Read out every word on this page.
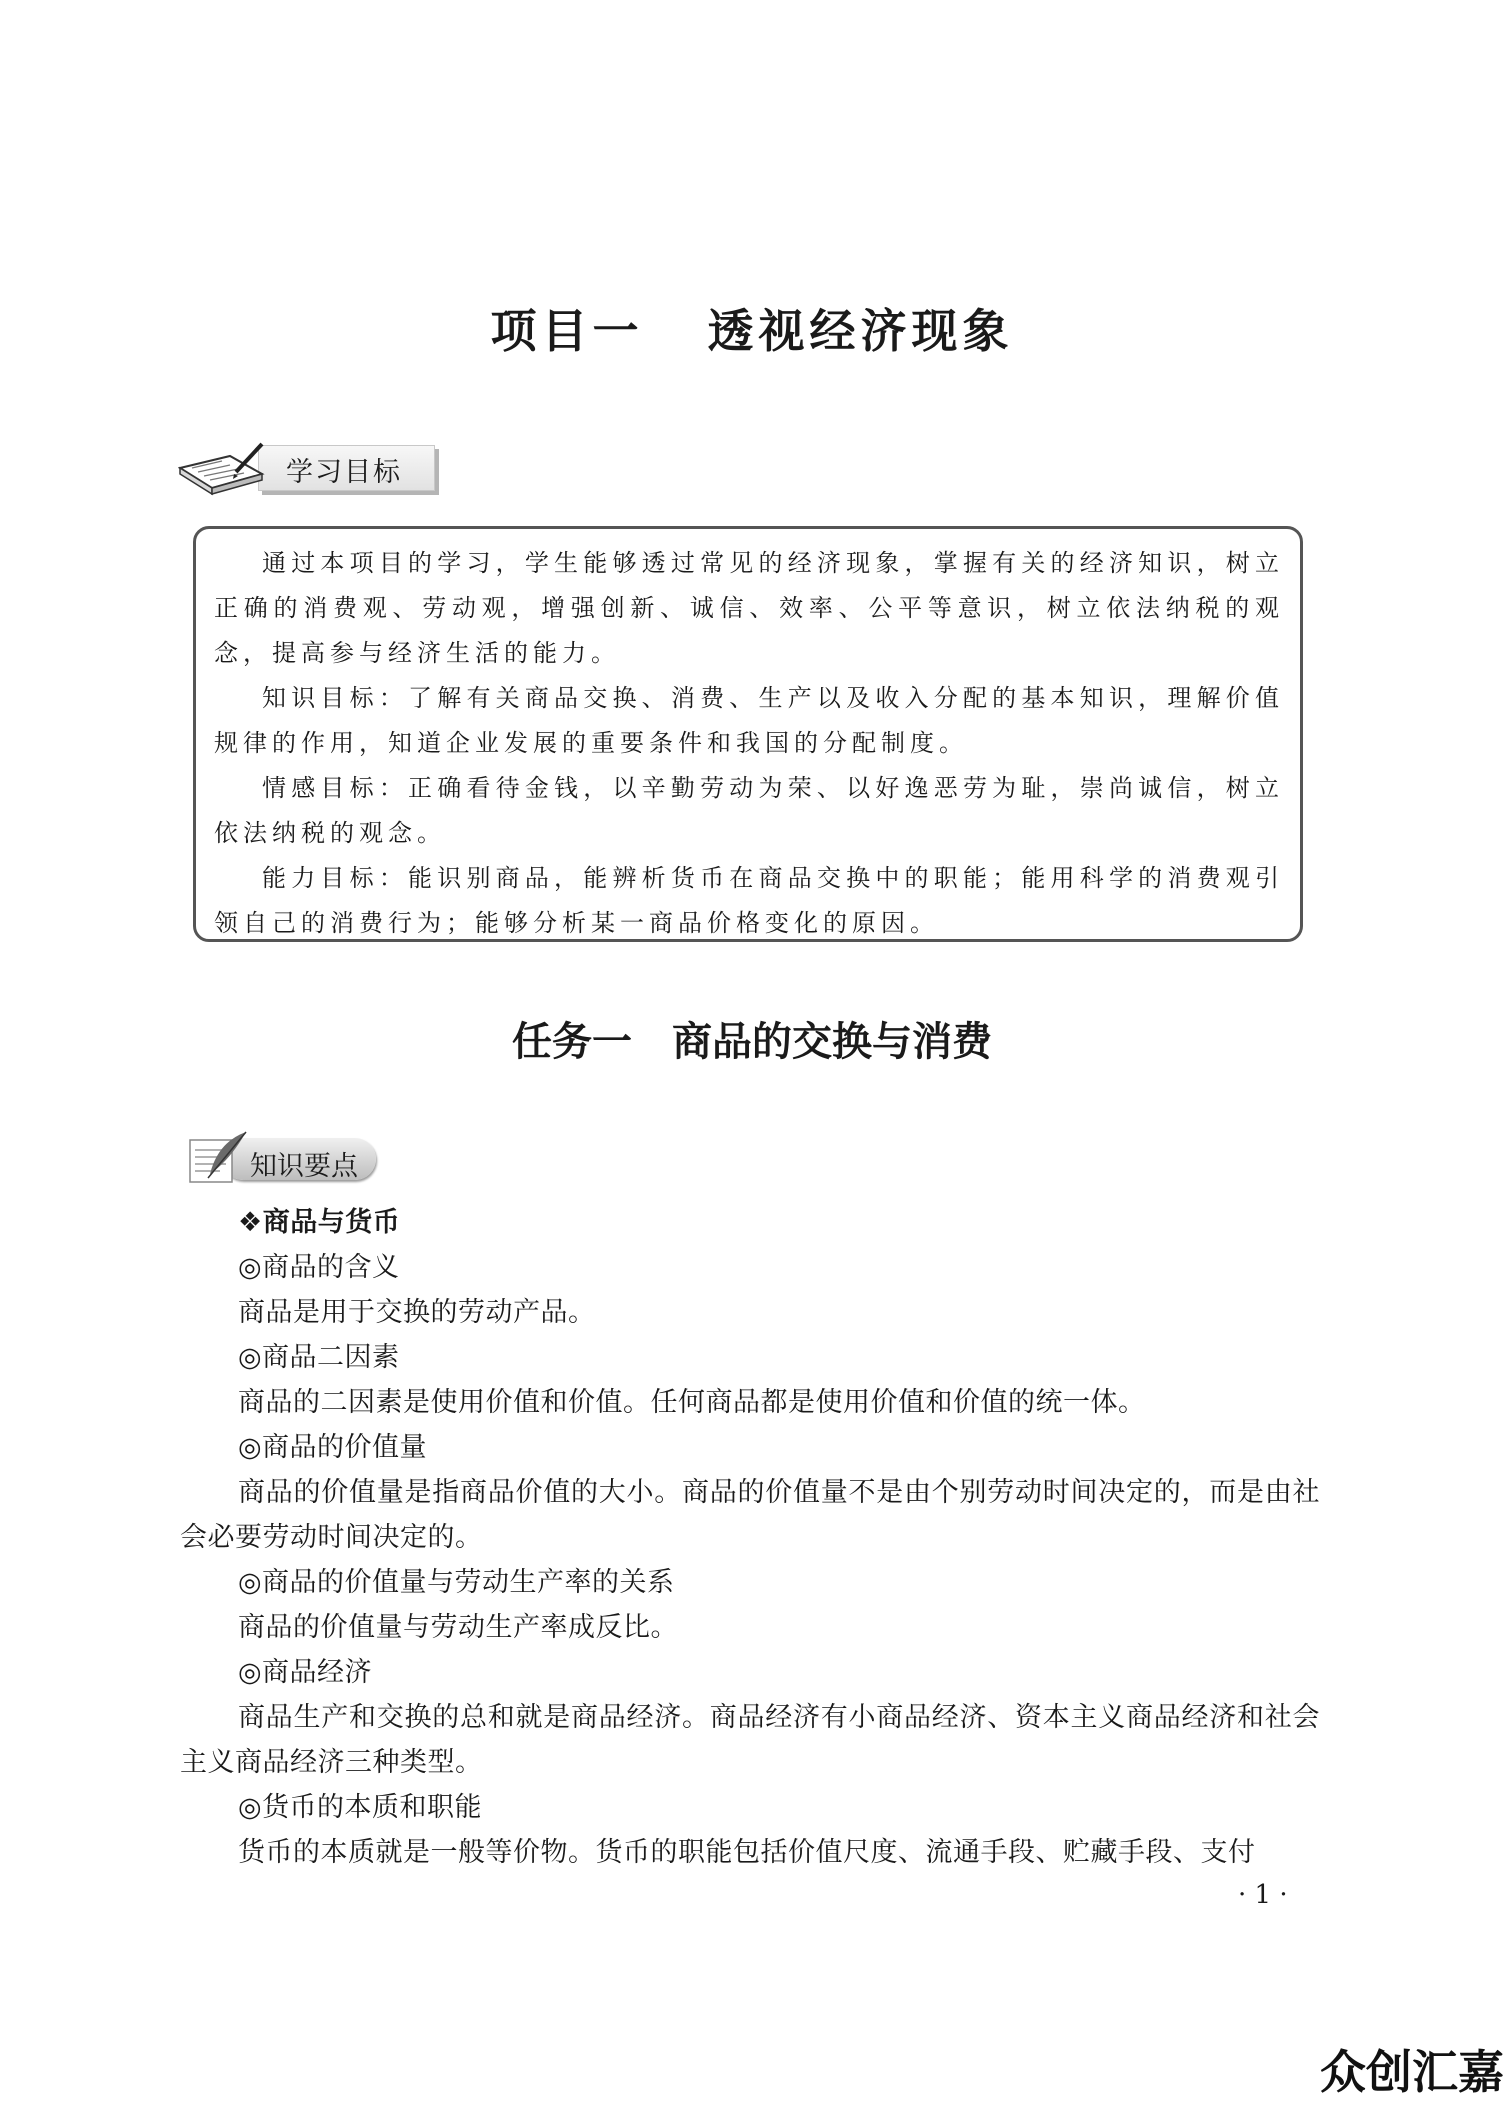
项目一 透视经济现象
学习目标

通过本项目的学习，学生能够透过常见的经济现象，掌握有关的经济知识，树立正确的消费观、劳动观，增强创新、诚信、效率、公平等意识，树立依法纳税的观念，提高参与经济生活的能力。

知识目标：了解有关商品交换、消费、生产以及收入分配的基本知识，理解价值规律的作用，知道企业发展的重要条件和我国的分配制度。

情感目标：正确看待金钱，以辛勤劳动为荣、以好逸恶劳为耻，崇尚诚信，树立依法纳税的观念。

能力目标：能识别商品，能辨析货币在商品交换中的职能；能用科学的消费观引领自己的消费行为；能够分析某一商品价格变化的原因。

任务一 商品的交换与消费
知识要点

❖商品与货币

◎商品的含义

商品是用于交换的劳动产品。

◎商品二因素

商品的二因素是使用价值和价值。任何商品都是使用价值和价值的统一体。

◎商品的价值量

商品的价值量是指商品价值的大小。商品的价值量不是由个别劳动时间决定的，而是由社会必要劳动时间决定的。

◎商品的价值量与劳动生产率的关系

商品的价值量与劳动生产率成反比。

◎商品经济

商品生产和交换的总和就是商品经济。商品经济有小商品经济、资本主义商品经济和社会主义商品经济三种类型。

◎货币的本质和职能

货币的本质就是一般等价物。货币的职能包括价值尺度、流通手段、贮藏手段、支付

· 1 ·
众创汇嘉
